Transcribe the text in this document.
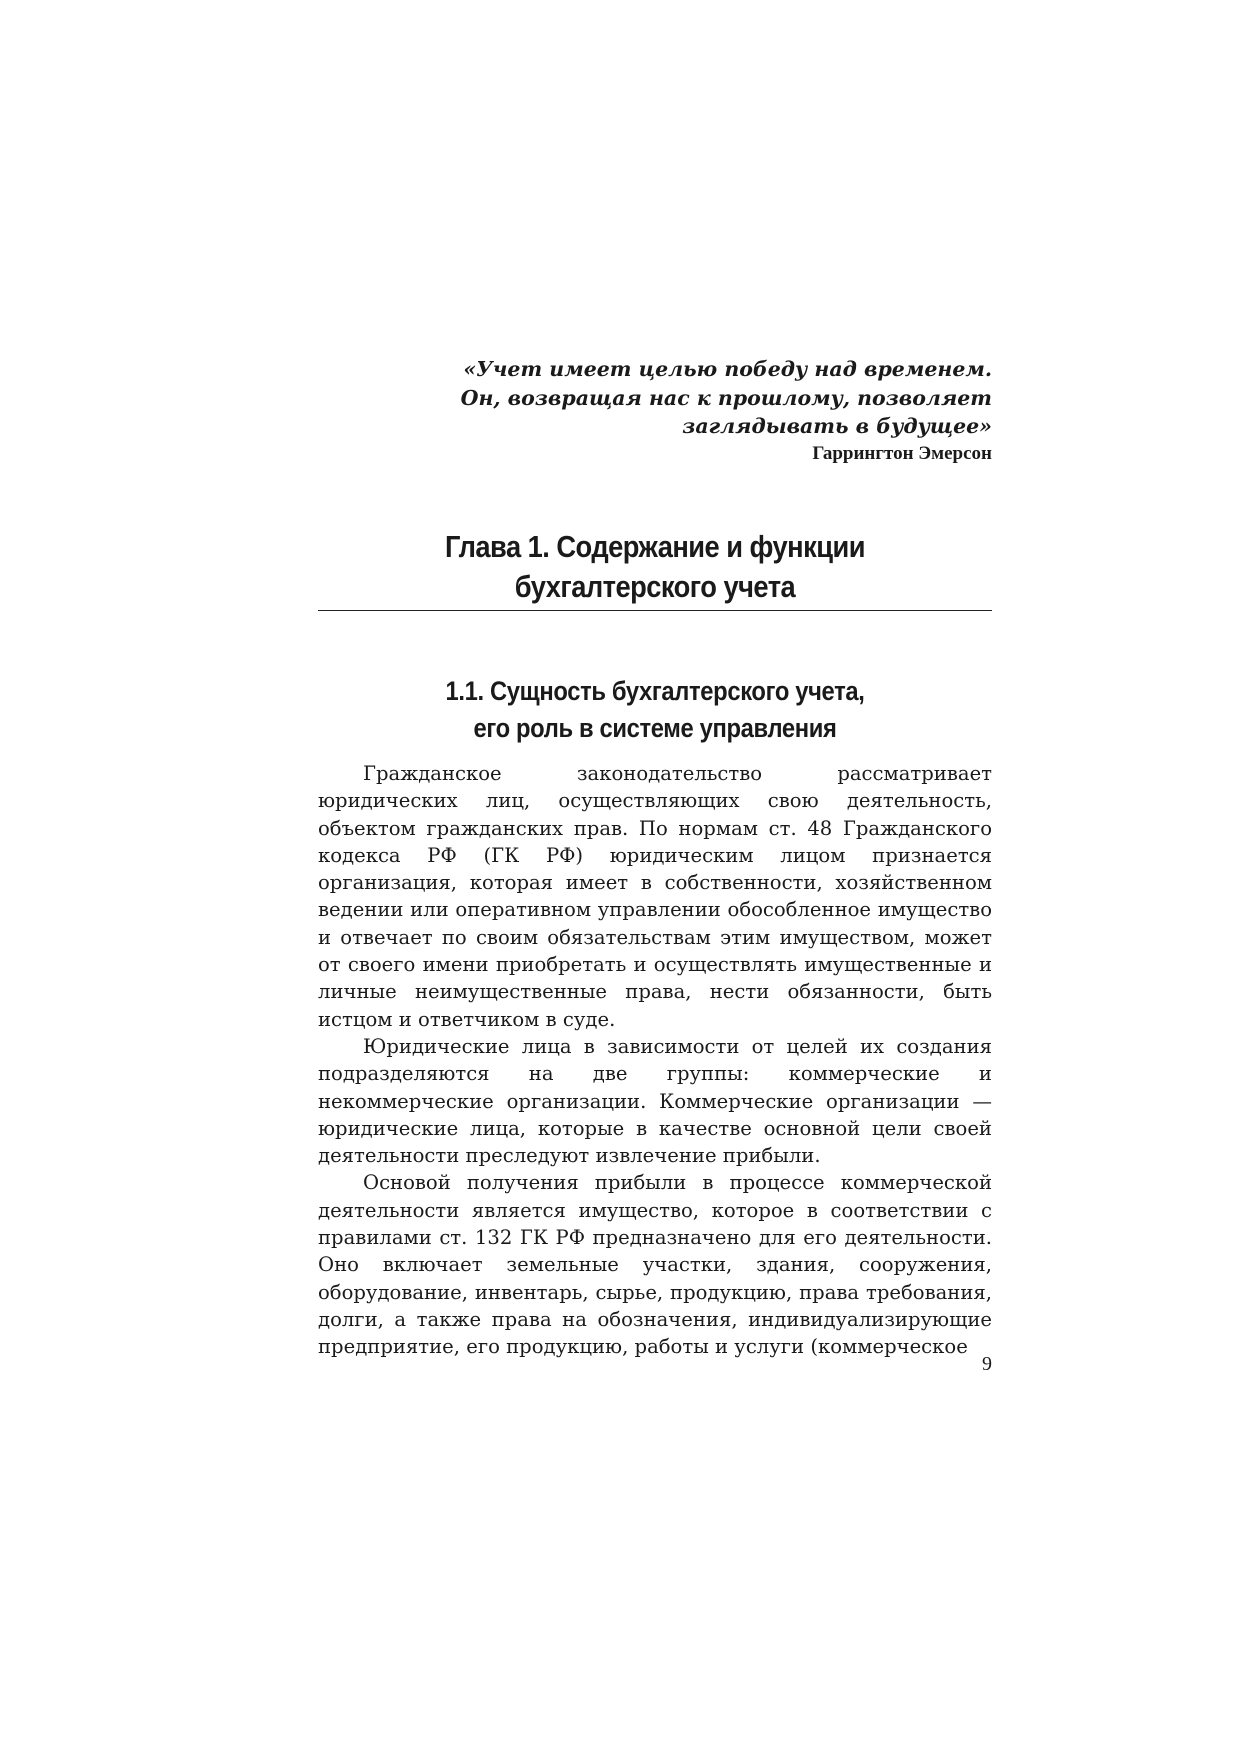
«Учет имеет целью победу над временем.
Он, возвращая нас к прошлому, позволяет
заглядывать в будущее»
Гаррингтон Эмерсон
Глава 1. Содержание и функции
бухгалтерского учета
1.1. Сущность бухгалтерского учета,
его роль в системе управления

Гражданское законодательство рассматривает юридических лиц, осуществляющих свою деятельность, объектом гражданских прав. По нормам ст. 48 Гражданского кодекса РФ (ГК РФ) юридическим лицом признается организация, которая имеет в собственности, хозяйственном ведении или оперативном управлении обособленное имущество и отвечает по своим обязательствам этим имуществом, может от своего имени приобретать и осуществлять имущественные и личные неимущественные права, нести обязанности, быть истцом и ответчиком в суде.

Юридические лица в зависимости от целей их создания подразделяются на две группы: коммерческие и некоммерческие организации. Коммерческие организации — юридические лица, которые в качестве основной цели своей деятельности преследуют извлечение прибыли.

Основой получения прибыли в процессе коммерческой деятельности является имущество, которое в соответствии с правилами ст. 132 ГК РФ предназначено для его деятельности. Оно включает земельные участки, здания, сооружения, оборудование, инвентарь, сырье, продукцию, права требования, долги, а также права на обозначения, индивидуализирующие предприятие, его продукцию, работы и услуги (коммерческое

9
